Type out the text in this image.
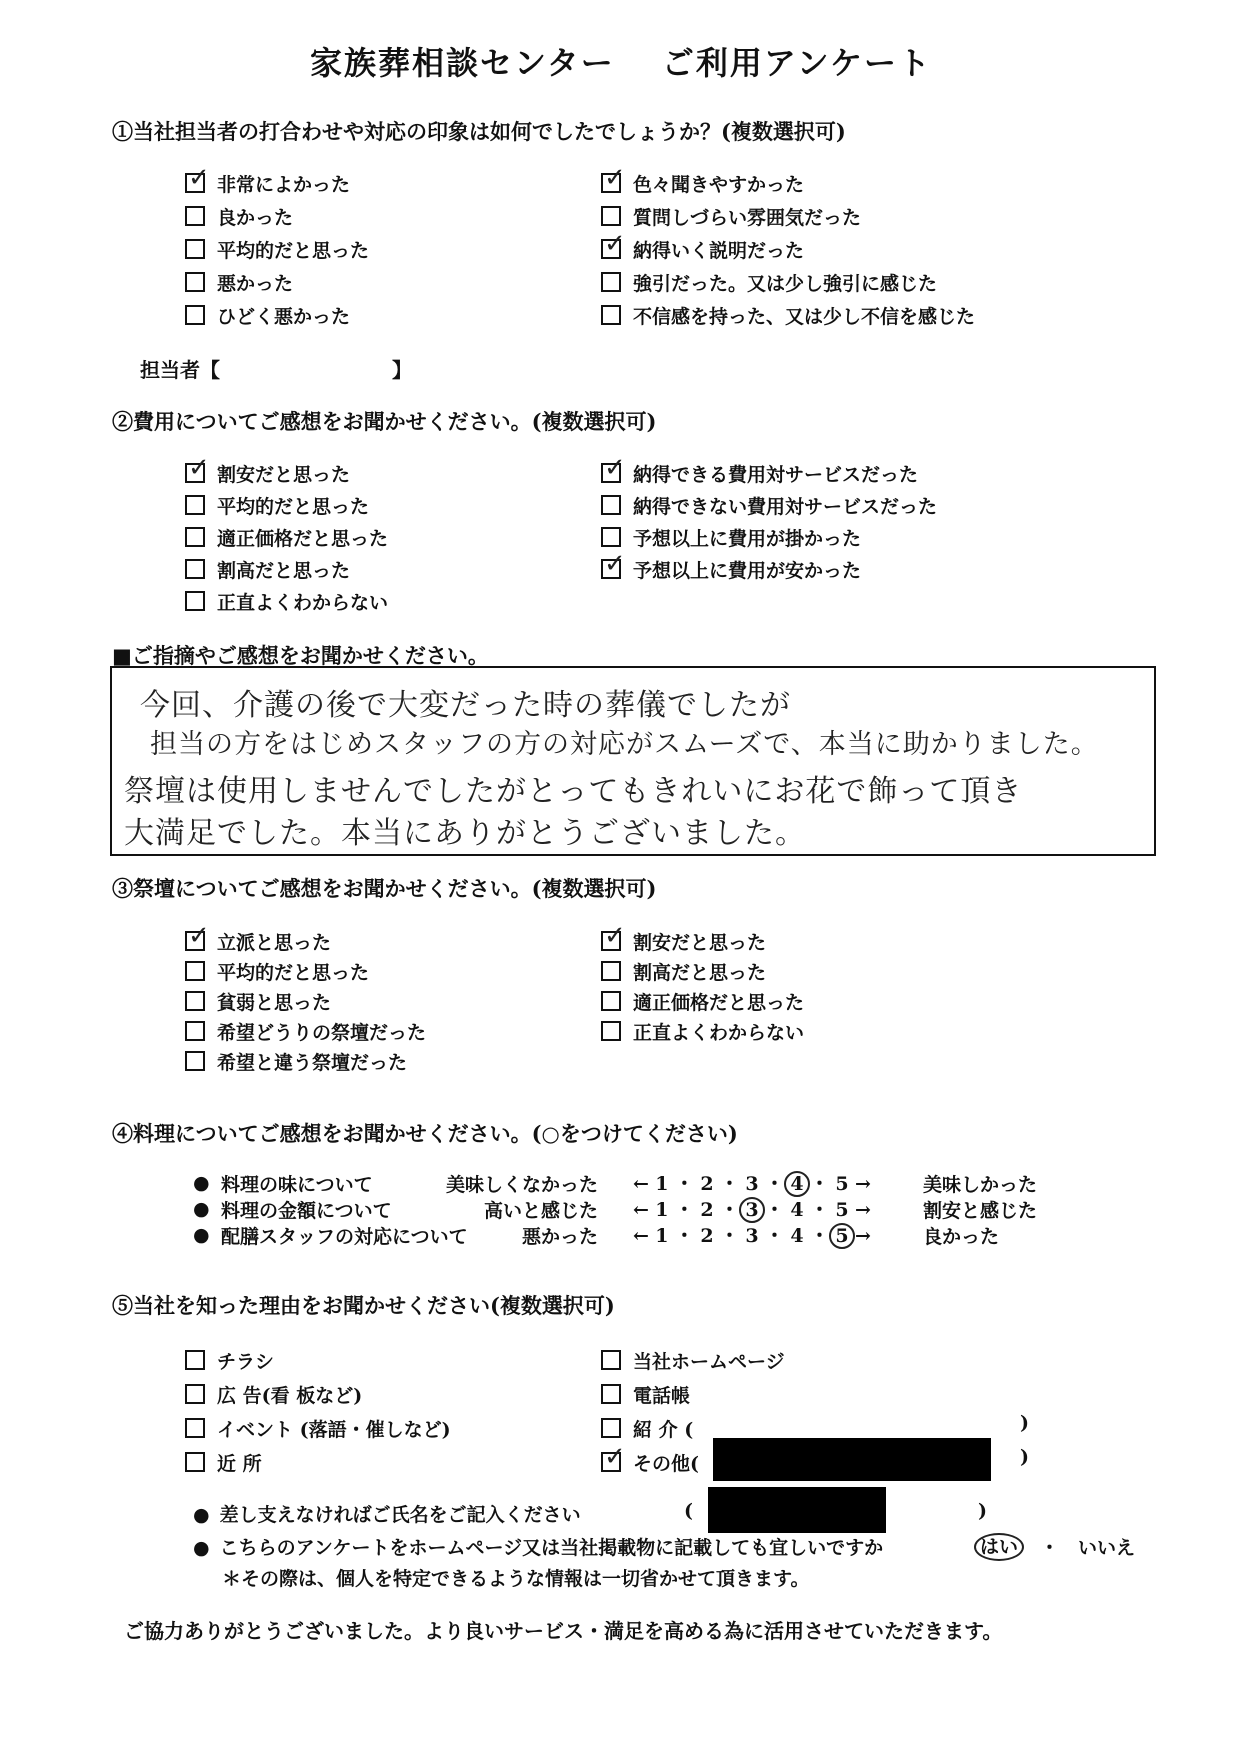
家族葬相談センター　 ご利用アンケート
①当社担当者の打合わせや対応の印象は如何でしたでしょうか？(複数選択可)
✓ 非常によかった
良かった
平均的だと思った
悪かった
ひどく悪かった
✓ 色々聞きやすかった
質問しづらい雰囲気だった
✓ 納得いく説明だった
強引だった。又は少し強引に感じた
不信感を持った、又は少し不信を感じた
担当者【	】
②費用についてご感想をお聞かせください。(複数選択可)
✓ 割安だと思った
平均的だと思った
適正価格だと思った
割高だと思った
正直よくわからない
✓ 納得できる費用対サービスだった
納得できない費用対サービスだった
予想以上に費用が掛かった
✓ 予想以上に費用が安かった
■ご指摘やご感想をお聞かせください。
今回、介護の後で大変だった時の葬儀でしたが
担当の方をはじめスタッフの方の対応がスムーズで、本当に助かりました。
祭壇は使用しませんでしたがとってもきれいにお花で飾って頂き
大満足でした。本当にありがとうございました。
③祭壇についてご感想をお聞かせください。(複数選択可)
✓ 立派と思った
平均的だと思った
貧弱と思った
希望どうりの祭壇だった
希望と違う祭壇だった
✓ 割安だと思った
割高だと思った
適正価格だと思った
正直よくわからない
④料理についてご感想をお聞かせください。(○をつけてください)
● 料理の味について	美味しくなかった ← 1 ・ 2 ・ 3 ・ 4 ・ 5 →	美味しかった
● 料理の金額について	高いと感じた ← 1 ・ 2 ・ 3 ・ 4 ・ 5 →	割安と感じた
● 配膳スタッフの対応について	悪かった ← 1 ・ 2 ・ 3 ・ 4 ・ 5 →	良かった
⑤当社を知った理由をお聞かせください(複数選択可)
チラシ
広 告(看 板など)
イベント (落語・催しなど)
近 所
当社ホームページ
電話帳
紹 介 (
✓ その他(
)
)
● 差し支えなければご氏名をご記入ください	(	)
● こちらのアンケートをホームページ又は当社掲載物に記載しても宜しいですか	はい	・ いいえ
＊その際は、個人を特定できるような情報は一切省かせて頂きます。
ご協力ありがとうございました。より良いサービス・満足を高める為に活用させていただきます。
